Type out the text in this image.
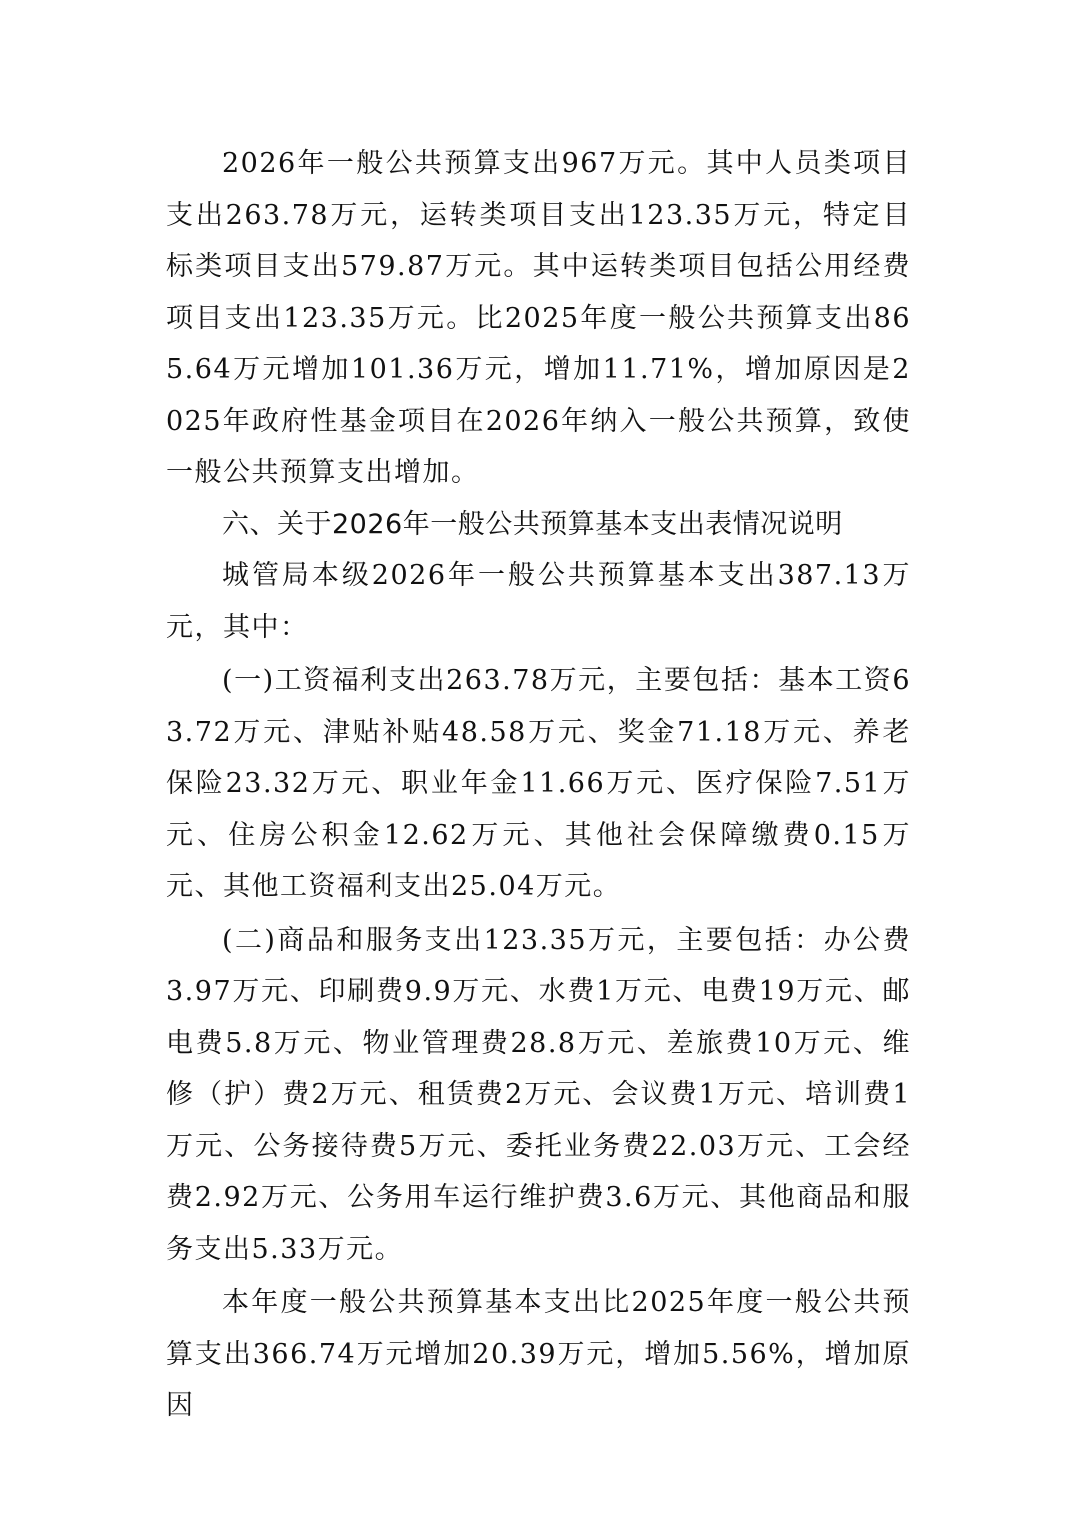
2026年一般公共预算支出967万元。其中人员类项目支出263.78万元，运转类项目支出123.35万元，特定目标类项目支出579.87万元。其中运转类项目包括公用经费项目支出123.35万元。比2025年度一般公共预算支出865.64万元增加101.36万元，增加11.71%，增加原因是2025年政府性基金项目在2026年纳入一般公共预算，致使一般公共预算支出增加。

六、关于2026年一般公共预算基本支出表情况说明

城管局本级2026年一般公共预算基本支出387.13万元，其中：

(一)工资福利支出263.78万元，主要包括：基本工资63.72万元、津贴补贴48.58万元、奖金71.18万元、养老保险23.32万元、职业年金11.66万元、医疗保险7.51万元、住房公积金12.62万元、其他社会保障缴费0.15万元、其他工资福利支出25.04万元。

(二)商品和服务支出123.35万元，主要包括：办公费3.97万元、印刷费9.9万元、水费1万元、电费19万元、邮电费5.8万元、物业管理费28.8万元、差旅费10万元、维修（护）费2万元、租赁费2万元、会议费1万元、培训费1万元、公务接待费5万元、委托业务费22.03万元、工会经费2.92万元、公务用车运行维护费3.6万元、其他商品和服务支出5.33万元。

本年度一般公共预算基本支出比2025年度一般公共预算支出366.74万元增加20.39万元，增加5.56%，增加原因
